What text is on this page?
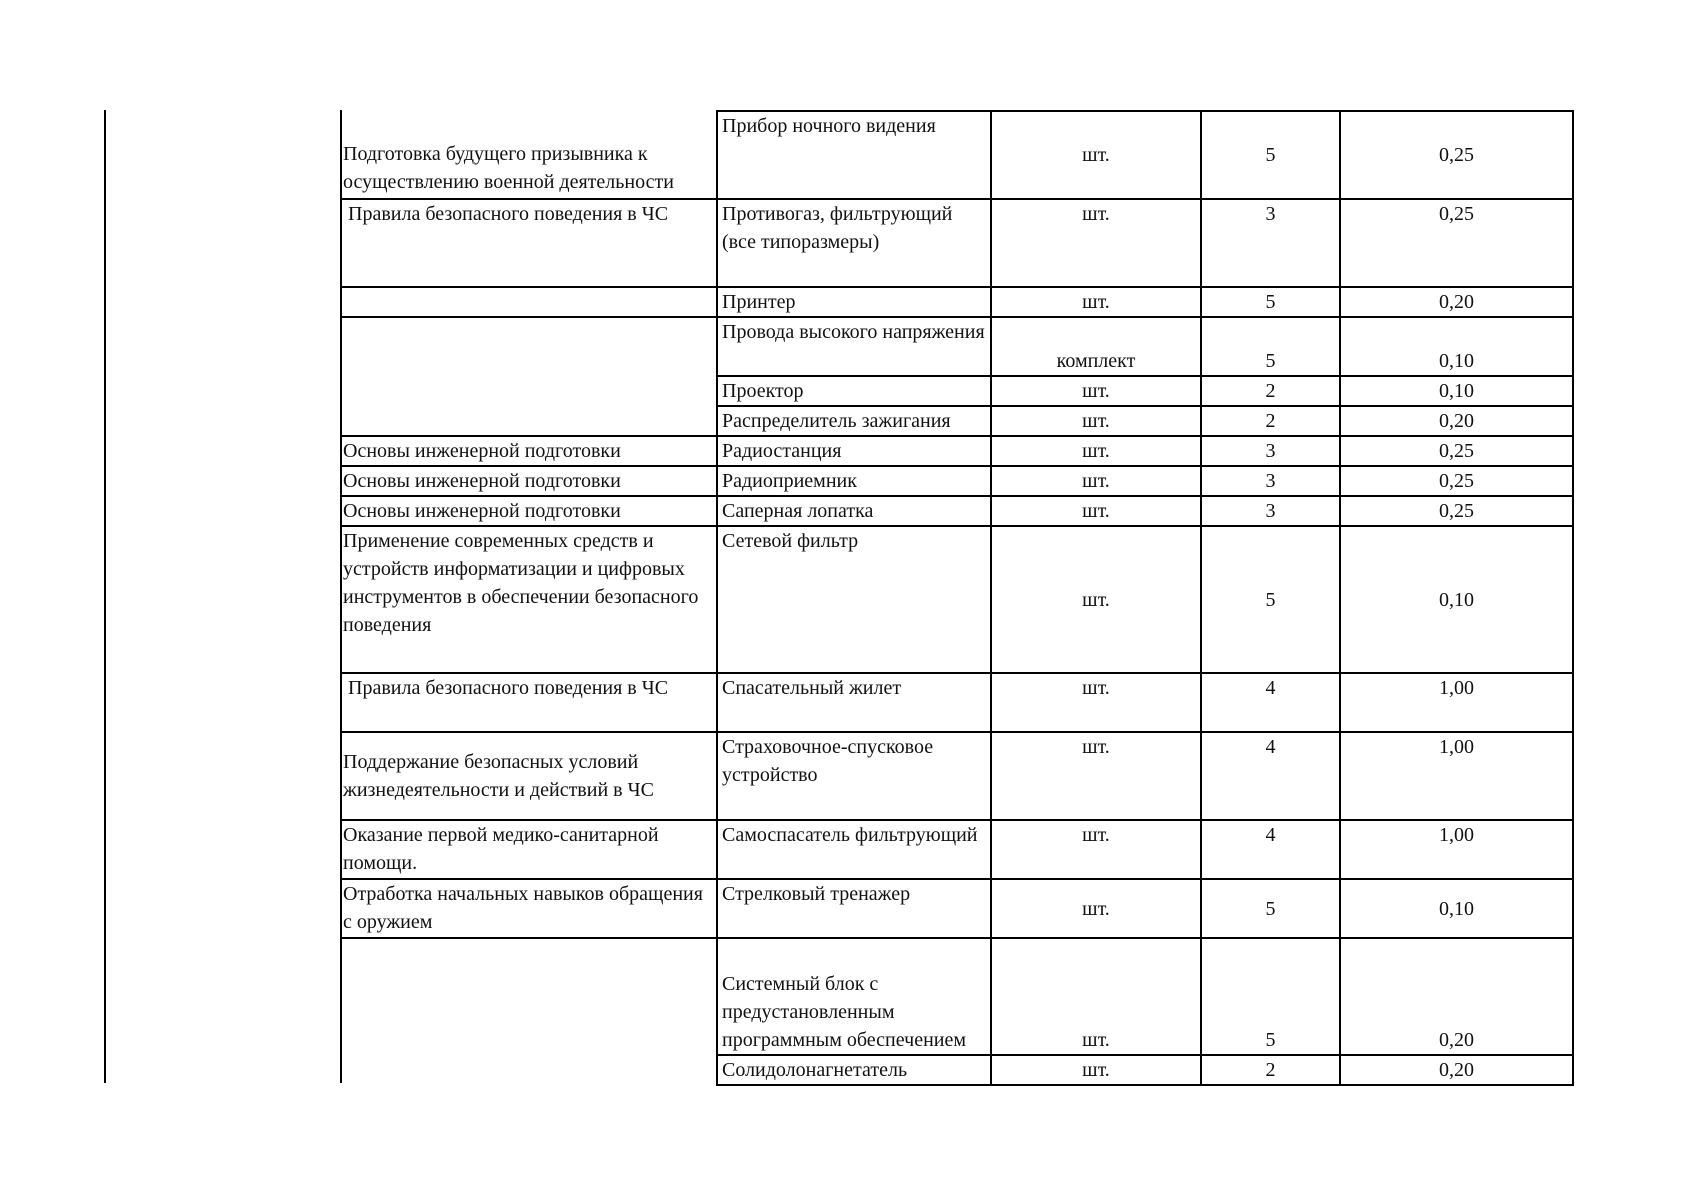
Подготовка будущего призывника к осуществлению военной деятельности	Прибор ночного видения	шт.	5	0,25
Правила безопасного поведения в ЧС	Противогаз, фильтрующий (все типоразмеры)	шт.	3	0,25
	Принтер	шт.	5	0,20
	Провода высокого напряжения	комплект	5	0,10
	Проектор	шт.	2	0,10
	Распределитель зажигания	шт.	2	0,20
Основы инженерной подготовки	Радиостанция	шт.	3	0,25
Основы инженерной подготовки	Радиоприемник	шт.	3	0,25
Основы инженерной подготовки	Саперная лопатка	шт.	3	0,25
Применение современных средств и устройств информатизации и цифровых инструментов в обеспечении безопасного поведения	Сетевой фильтр	шт.	5	0,10
Правила безопасного поведения в ЧС	Спасательный жилет	шт.	4	1,00
Поддержание безопасных условий жизнедеятельности и действий в ЧС	Страховочное-спусковое устройство	шт.	4	1,00
Оказание первой медико-санитарной помощи.	Самоспасатель фильтрующий	шт.	4	1,00
Отработка начальных навыков обращения с оружием	Стрелковый тренажер	шт.	5	0,10
	Системный блок с предустановленным программным обеспечением	шт.	5	0,20
	Солидолонагнетатель	шт.	2	0,20
